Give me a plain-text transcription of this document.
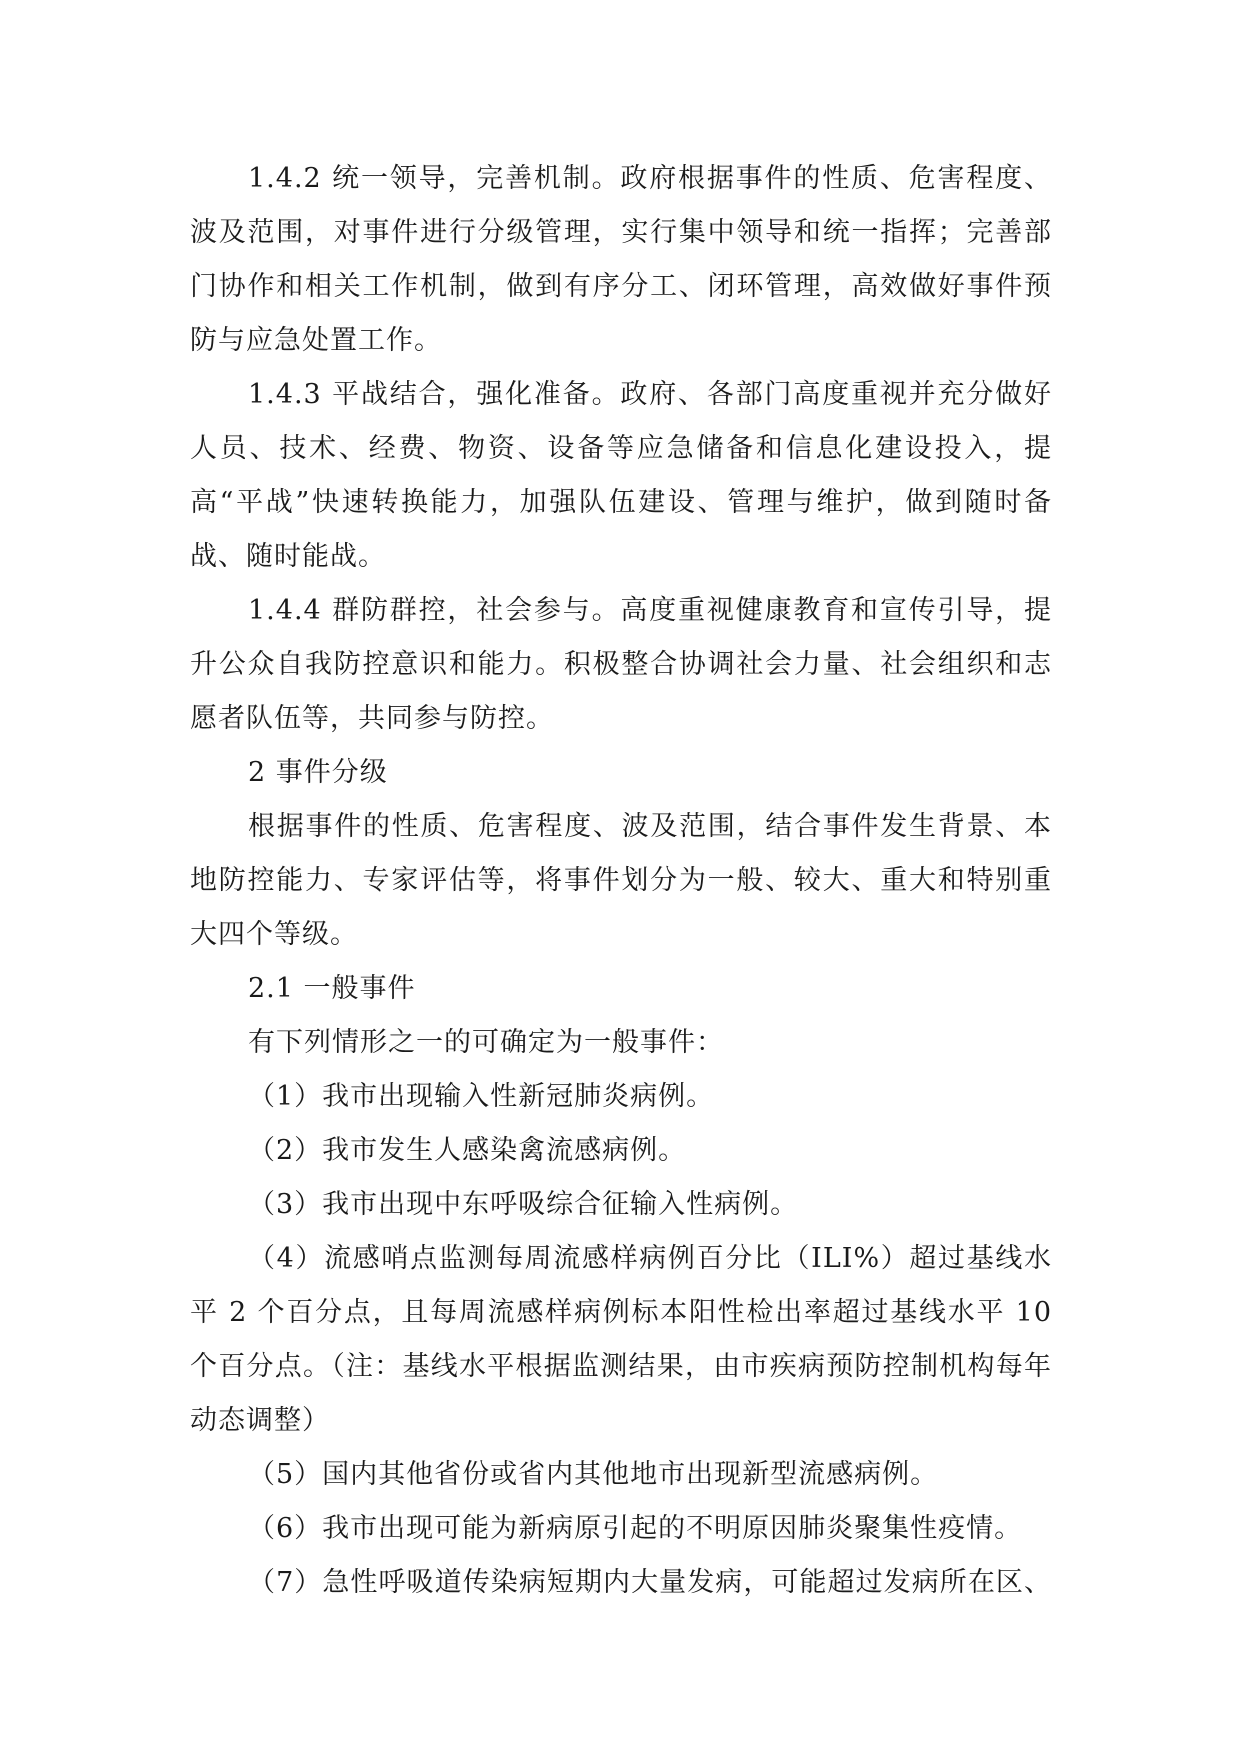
1.4.2 统一领导，完善机制。政府根据事件的性质、危害程度、波及范围，对事件进行分级管理，实行集中领导和统一指挥；完善部门协作和相关工作机制，做到有序分工、闭环管理，高效做好事件预防与应急处置工作。

1.4.3 平战结合，强化准备。政府、各部门高度重视并充分做好人员、技术、经费、物资、设备等应急储备和信息化建设投入，提高“平战”快速转换能力，加强队伍建设、管理与维护，做到随时备战、随时能战。

1.4.4 群防群控，社会参与。高度重视健康教育和宣传引导，提升公众自我防控意识和能力。积极整合协调社会力量、社会组织和志愿者队伍等，共同参与防控。

2 事件分级

根据事件的性质、危害程度、波及范围，结合事件发生背景、本地防控能力、专家评估等，将事件划分为一般、较大、重大和特别重大四个等级。

2.1 一般事件

有下列情形之一的可确定为一般事件：

（1）我市出现输入性新冠肺炎病例。

（2）我市发生人感染禽流感病例。

（3）我市出现中东呼吸综合征输入性病例。

（4）流感哨点监测每周流感样病例百分比（ILI%）超过基线水平 2 个百分点，且每周流感样病例标本阳性检出率超过基线水平 10 个百分点。（注：基线水平根据监测结果，由市疾病预防控制机构每年动态调整）

（5）国内其他省份或省内其他地市出现新型流感病例。

（6）我市出现可能为新病原引起的不明原因肺炎聚集性疫情。

（7）急性呼吸道传染病短期内大量发病，可能超过发病所在区、
